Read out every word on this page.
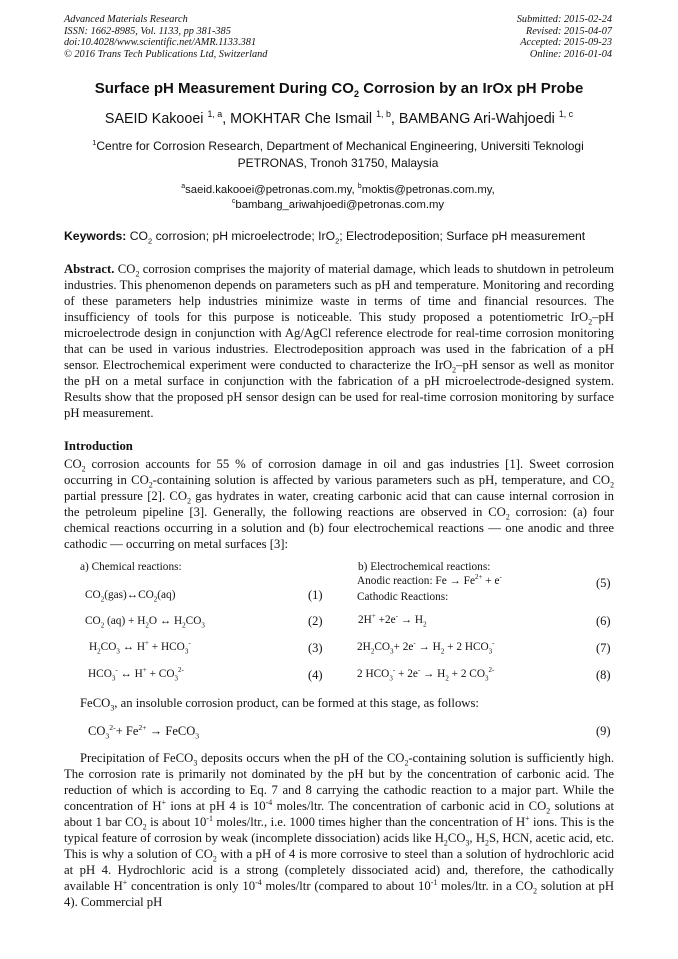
Advanced Materials Research
ISSN: 1662-8985, Vol. 1133, pp 381-385
doi:10.4028/www.scientific.net/AMR.1133.381
© 2016 Trans Tech Publications Ltd, Switzerland
Submitted: 2015-02-24
Revised: 2015-04-07
Accepted: 2015-09-23
Online: 2016-01-04
Surface pH Measurement During $CO_2$ Corrosion by an IrOx pH Probe
SAEID Kakooei $^{1, a}$, MOKHTAR Che Ismail $^{1, b}$, BAMBANG Ari-Wahjoedi $^{1, c}$
$^1$Centre for Corrosion Research, Department of Mechanical Engineering, Universiti Teknologi
PETRONAS, Tronoh 31750, Malaysia
$^a$saeid.kakooei@petronas.com.my, $^b$moktis@petronas.com.my,
$^c$bambang_ariwahjoedi@petronas.com.my
Keywords: $CO_2$ corrosion; pH microelectrode; IrO$_2$; Electrodeposition; Surface pH measurement
Abstract. $CO_2$ corrosion comprises the majority of material damage, which leads to shutdown in petroleum industries. This phenomenon depends on parameters such as pH and temperature. Monitoring and recording of these parameters help industries minimize waste in terms of time and financial resources. The insufficiency of tools for this purpose is noticeable. This study proposed a potentiometric IrO$_2$–pH microelectrode design in conjunction with Ag/AgCl reference electrode for real-time corrosion monitoring that can be used in various industries. Electrodeposition approach was used in the fabrication of a pH sensor. Electrochemical experiment were conducted to characterize the IrO$_2$–pH sensor as well as monitor the pH on a metal surface in conjunction with the fabrication of a pH microelectrode-designed system. Results show that the proposed pH sensor design can be used for real-time corrosion monitoring by surface pH measurement.
Introduction
$CO_2$ corrosion accounts for 55 % of corrosion damage in oil and gas industries [1]. Sweet corrosion occurring in $CO_2$-containing solution is affected by various parameters such as pH, temperature, and $CO_2$ partial pressure [2]. $CO_2$ gas hydrates in water, creating carbonic acid that can cause internal corrosion in the petroleum pipeline [3]. Generally, the following reactions are observed in $CO_2$ corrosion: (a) four chemical reactions occurring in a solution and (b) four electrochemical reactions — one anodic and three cathodic — occurring on metal surfaces [3]:
a) Chemical reactions:
$CO_2(gas)\leftrightarrow CO_2(aq)$	(1)
$CO_2$ $(aq) + H_2O$ ↔ $H_2CO_3$	(2)
$H_2CO_3$ ↔ $H^+ + HCO_3^-$	(3)
$HCO_3^-$ ↔ $H^+ + CO_3^{2-}$	(4)
b) Electrochemical reactions:
Anodic reaction: $Fe \to Fe^{2+} + e^-$	(5)
Cathodic Reactions:
$2H^+ +2e^- \to H_2$	(6)
$2H_2CO_3+ 2e^- \to H_2 + 2$ $HCO_3^-$	(7)
2 $HCO_3^- + 2e^- \to H_2 + 2$ $CO_3^{2-}$	(8)
FeCO$_3$, an insoluble corrosion product, can be formed at this stage, as follows:
$CO_3^{2-}+ Fe^{2+}$ → FeCO$_3$	(9)
Precipitation of FeCO$_3$ deposits occurs when the pH of the $CO_2$-containing solution is sufficiently high. The corrosion rate is primarily not dominated by the pH but by the concentration of carbonic acid. The reduction of which is according to Eq. 7 and 8 carrying the cathodic reaction to a major part. While the concentration of H+ ions at pH 4 is $10^{-4}$ moles/ltr. The concentration of carbonic acid in $CO_2$ solutions at about 1 bar $CO_2$ is about $10^{-1}$ moles/ltr., i.e. 1000 times higher than the concentration of H+ ions. This is the typical feature of corrosion by weak (incomplete dissociation) acids like $H_2CO_3$, $H_2S$, HCN, acetic acid, etc. This is why a solution of $CO_2$ with a pH of 4 is more corrosive to steel than a solution of hydrochloric acid at pH 4. Hydrochloric acid is a strong (completely dissociated acid) and, therefore, the cathodically available H+ concentration is only $10^{-4}$ moles/ltr (compared to about $10^{-1}$ moles/ltr. in a $CO_2$ solution at pH 4). Commercial pH
